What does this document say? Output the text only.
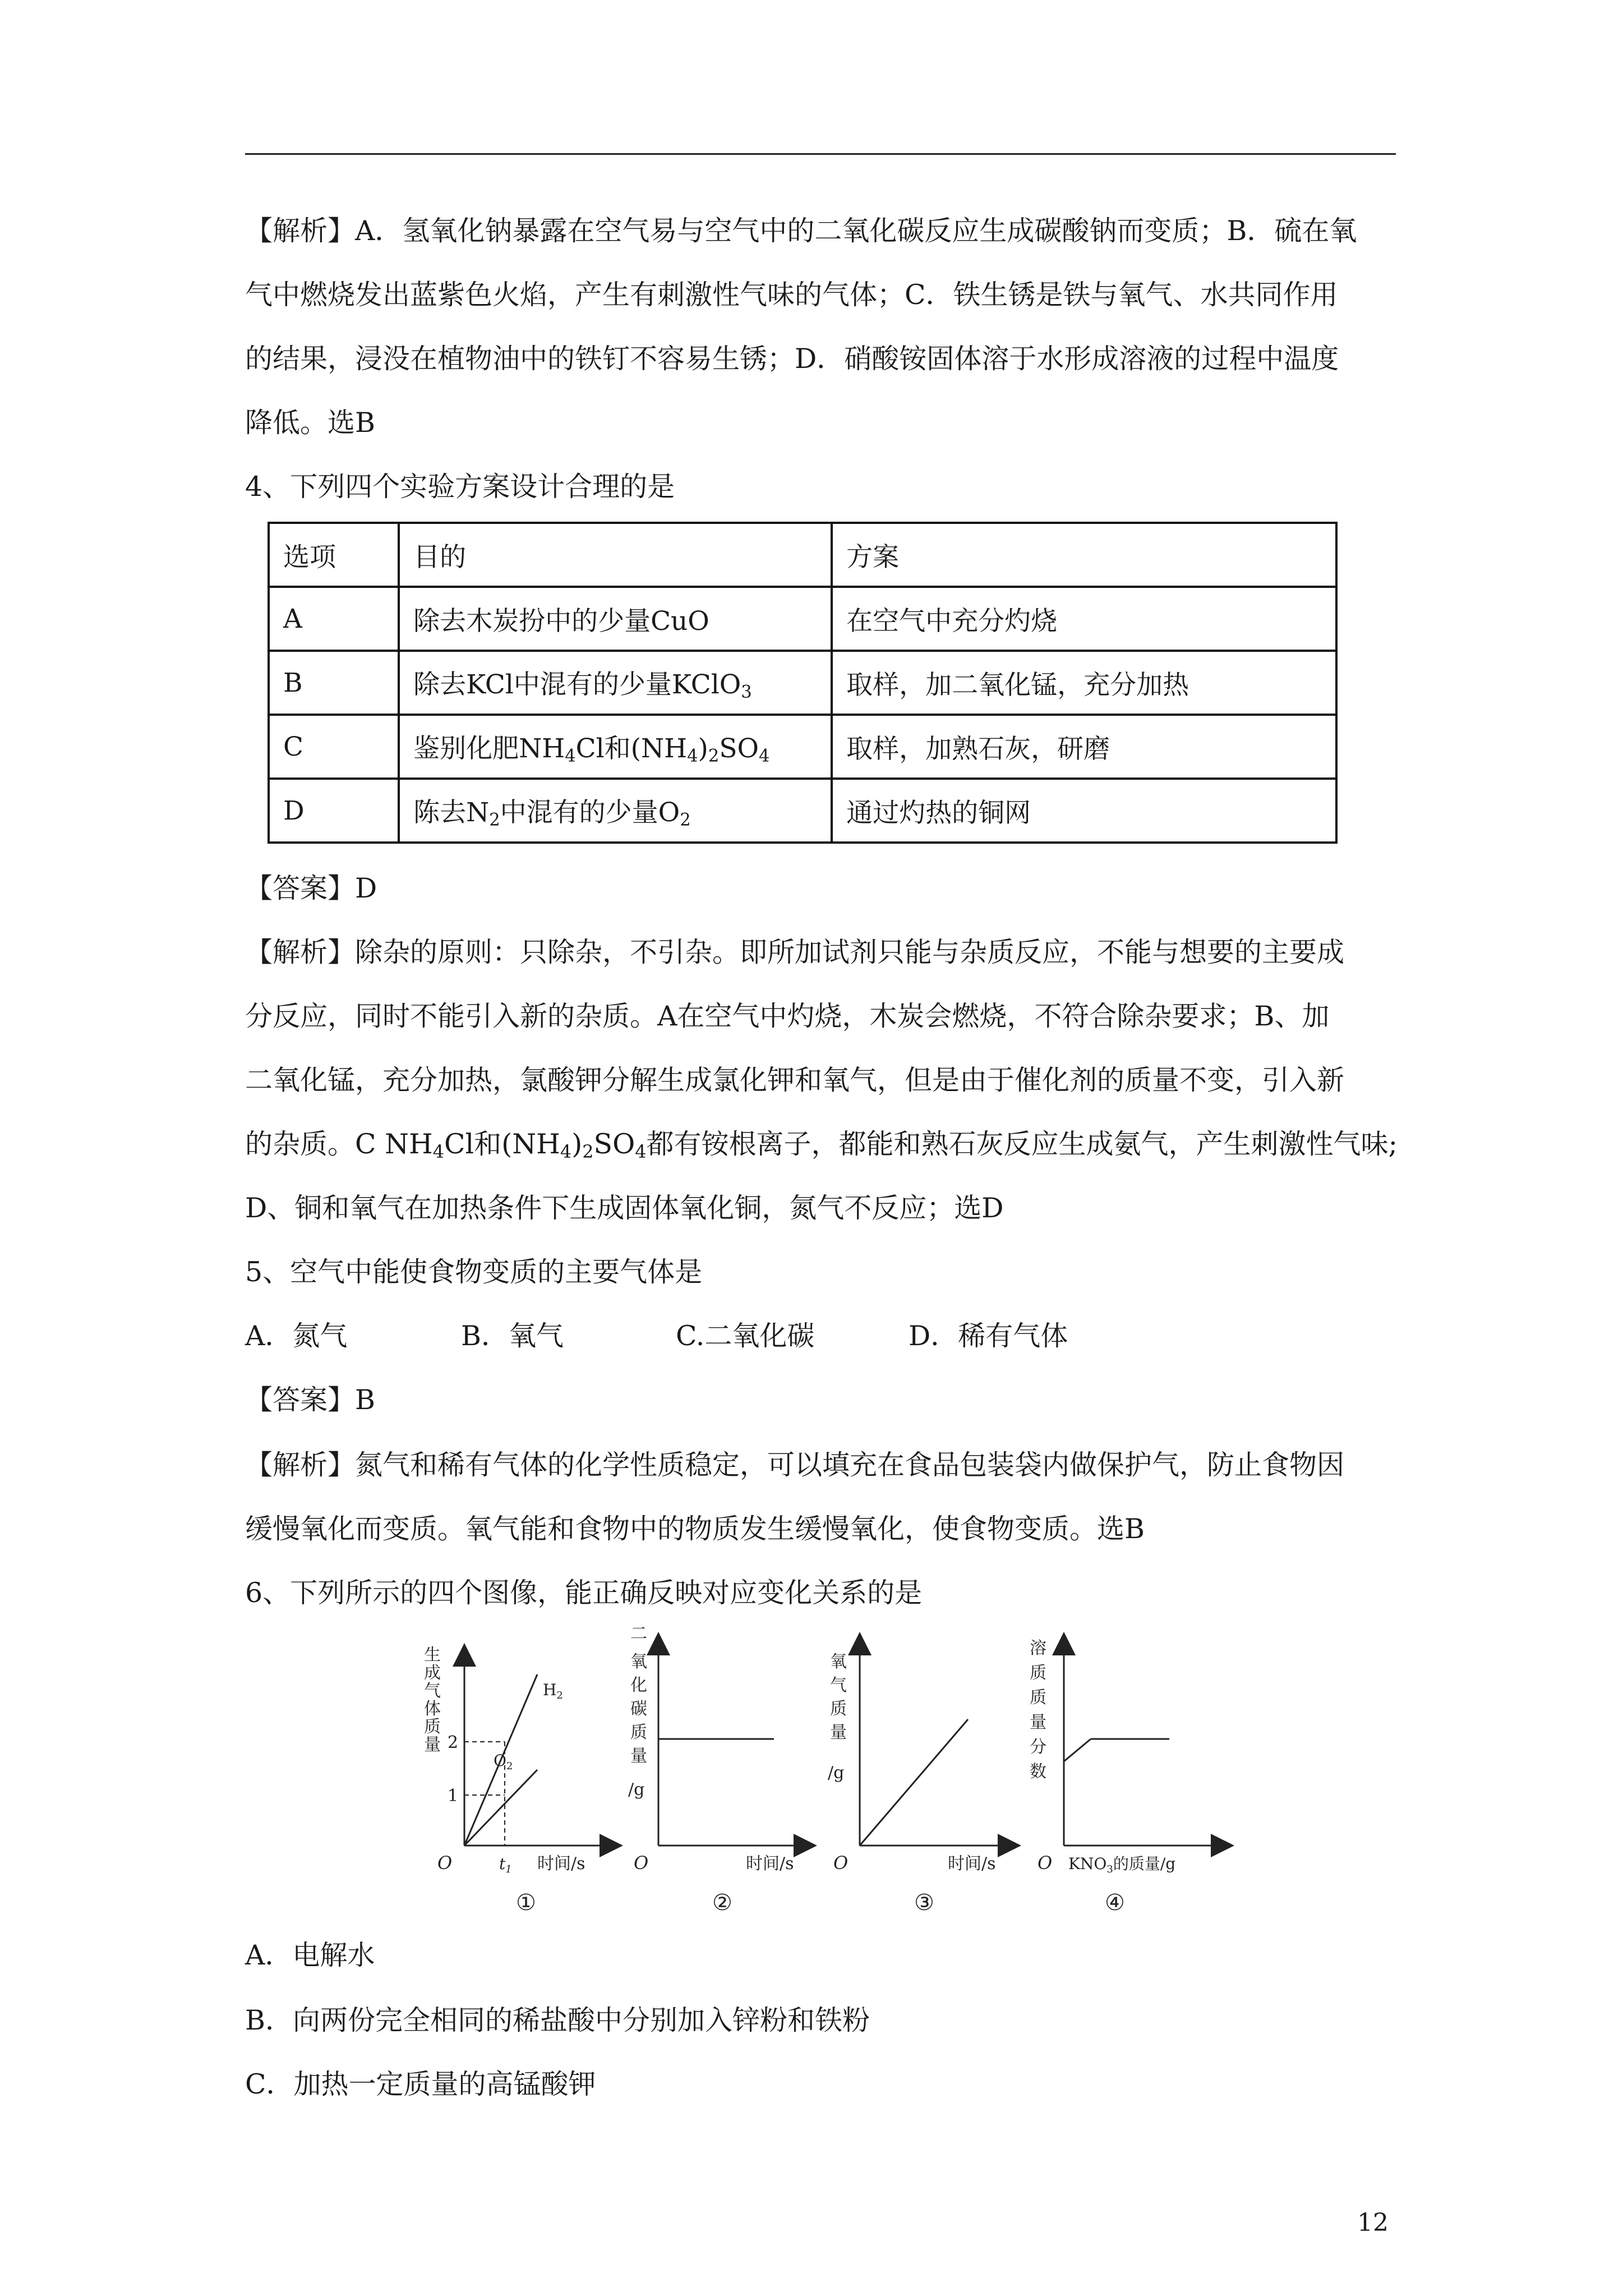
【解析】A．氢氧化钠暴露在空气易与空气中的二氧化碳反应生成碳酸钠而变质；B．硫在氧
气中燃烧发出蓝紫色火焰，产生有刺激性气味的气体；C．铁生锈是铁与氧气、水共同作用
的结果，浸没在植物油中的铁钉不容易生锈；D．硝酸铵固体溶于水形成溶液的过程中温度
降低。选B
4、下列四个实验方案设计合理的是
选项	目的	方案
A	除去木炭扮中的少量CuO	在空气中充分灼烧
B	除去KCl中混有的少量KClO$_3$	取样，加二氧化锰，充分加热
C	鉴别化肥$NH_4Cl$和$(NH_4)_2SO_4$	取样，加熟石灰，研磨
D	陈去$N_2$中混有的少量$O_2$	通过灼热的铜网
【答案】D
【解析】除杂的原则：只除杂，不引杂。即所加试剂只能与杂质反应，不能与想要的主要成
分反应，同时不能引入新的杂质。A在空气中灼烧，木炭会燃烧，不符合除杂要求；B、加
二氧化锰，充分加热，氯酸钾分解生成氯化钾和氧气，但是由于催化剂的质量不变，引入新
的杂质。C $NH_4Cl$和$(NH_4)_2SO_4$都有铵根离子，都能和熟石灰反应生成氨气，产生刺激性气味;
D、铜和氧气在加热条件下生成固体氧化铜，氮气不反应；选D
5、空气中能使食物变质的主要气体是
A．氮气	B．氧气	C.二氧化碳	D．稀有气体
【答案】B
【解析】氮气和稀有气体的化学性质稳定，可以填充在食品包装袋内做保护气，防止食物因
缓慢氧化而变质。氧气能和食物中的物质发生缓慢氧化，使食物变质。选B
6、下列所示的四个图像，能正确反映对应变化关系的是
生
成
气
体
质
量 2
1
$H_2$
$O_2$
O	$t_1$ 时间/s
①
二
氧
化
碳
质
量
/g
O	时间/s
②
氧
气
质
量
/g
O	时间/s
③
溶
质
质
量
分
数
O $KNO_3$的质量/g
④
A．电解水
B．向两份完全相同的稀盐酸中分别加入锌粉和铁粉
C．加热一定质量的高锰酸钾
12
